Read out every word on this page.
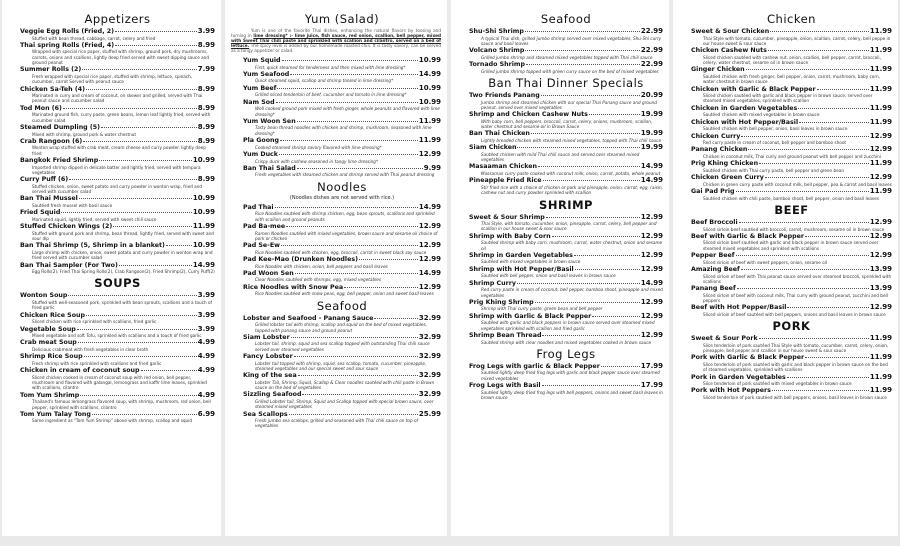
Appetizers
Veggie Egg Rolls (Fried, 2)	3.99
Stuffed with bean thread, cabbage, carrot, celery and fried
Thai spring Rolls (Fried, 4)	8.99
Wrapped with special rice paper, stuffed with shrimp, ground pork, dry mushrooms, carrots, onions and scallions, lightly deep fried served with sweet dipping sauce and ground peanut
Summer Rolls (2)	7.99
Fresh wrapped with special rice paper, stuffed with shrimp, lettuce, spinach, cucumber, carrot Served with peanut sauce
Chicken Sa-Teh (4)	8.99
Marinated in curry and cream of coconut, on skewer and grilled, served with Thai peanut sauce and cucumber salad
Tod Mon (6)	8.99
Marinated ground fish, curry paste, green beans, lemon leaf lightly fried, served with cucumber salad
Steamed Dumpling (5)	8.99
Mixed with shrimp, ground pork & water chestnut
Crab Rangoon (6)	8.99
Wonton wrap stuffed with crab meat, cream cheese and curry powder. lightly deep fried
Bangkok Fried Shrimp	10.99
Imported shrimp dipped in delicate batter and lightly fried, served with tempura vegetables
Curry Puff (6)	8.99
Stuffed chicken, onion, sweet potato and curry powder in wonton wrap, fried and served with cucumber salad
Ban Thai Mussel	10.99
Sautéed fresh mussel with basil sauce
Fried Squid	10.99
Marinated squid, lightly fried, served with sweet chili sauce
Stuffed Chicken Wings (2)	11.99
Stuffed with ground pork and shrimp, bean thread, lightly fried, served with sweet and sour dip
Ban Thai Shrimp (5, Shrimp in a blanket)	10.99
Large shrimp with chicken, onion, sweet potato and curry powder in wonton wrap and fried served with cucumber salad
Ban Thai Sampler (For Two)	14.99
Egg Rolls(2), Fried Thai Spring Rolls(2), Crab Rangoon(2), Fried Shrimp(2), Curry Puff(2)
SOUPS
Wonton Soup	3.99
Stuffed with well-seasoned pork, sprinkled with bean sprouts, scallions and a touch of fried garlic
Chicken Rice Soup	3.99
Sliced chicken with rice sprinkled with scallions, fried garlic
Vegetable Soup	3.99
Mixed vegetable and soft Tofu, sprinkled with scallions and a touch of fried garlic
Crab meat Soup	4.99
Delicious crabmeat with fresh vegetables in clear broth
Shrimp Rice Soup	4.99
Fresh shrimp with rice sprinkled with scallions and fried garlic
Chicken in cream of coconut soup	4.99
Sliced chicken cooked in cream of coconut soup with red onion, bell pepper, mushroom and flavored with galangal, lemongrass and kaffir lime leaves, sprinkled with scallions, cilantro
Tom Yum Shrimp	4.99
Thailand's famous lemongrass flavored soup, with shrimp, mushroom, red onion, bell pepper, sprinkled with scallions, cilantro
Tom Yum Talay Tong	6.99
Same ingredient as "Tom Yum Shrimp" above with shrimp, scallop and squid
Yum (Salad)
Yum is one of the favorite Thai dishes, enhancing the natural flavors by tossing and turning in lime dressing* :- lime juice, fish sauce, red onion, scallion, bell pepper, mixed with Sweet Thai chili paste and sprinkled with scallion and cilantro, served on a bed of lettuce. The spicy level is added by our homemade roasted chili. It is tasty savory, can be served as a tangy appetizer or salad.
Yum Squid	10.99
First, quick steamed for tenderness and then mixed with lime dressing*
Yum Seafood	14.99
Quick steamed squid, scallop and shrimp tossed in lime dressing*
Yum Beef	10.99
Grilled sliced tenderloin of beef, cucumber and tomato in lime dressing*
Nam Sod	10.99
Well cooked ground pork mixed with fresh ginger, whole peanuts and flavored with lime dressing*
Yum Woon Sen	11.99
Tasty bean thread noodles with chicken and shrimp, mushroom, seasoned with lime dressing*
Pla Goong	11.99
Cooked steamed shrimp savory flavored with lime dressing*
Yum Duck	12.99
Crispy duck with cashew seasoned in tangy lime dressing*
Ban Thai Salad	9.99
Fresh vegetables with steamed chicken and shrimp served with Thai peanut dressing
Noodles
(Noodles dishes are not served with rice.)
Pad Thai	14.99
Rice Noodles sautéed with shrimp chicken, egg, bean sprouts, scallions and sprinkled with scallion and ground peanuts
Pad Ba-mee	12.99
Ramen Noodles sautéed with mixed vegetables, brown sauce and sesame oil choice of pork or chicken
Pad Se-Ew	12.99
Rice Noodles sautéed with chicken, egg, broccoli, carrot in sweet black soy sauce
Pad Kee-Mao (Drunken Noodles)	12.99
Rice Noodles with chicken, onion, bell peppers and basil leaves
Pad Woon Sen	14.99
Clear Noodles sautéed with shrimps, egg, mixed vegetables
Rice Noodles with Snow Pea	12.99
Rice Noodles sautéed with snow peas, egg, bell pepper, onion and sweet basil leaves
Seafood
Lobster and Seafood - Panang Sauce	32.99
Grilled lobster tail with shrimp, scallop and squid on the bed of mixed vegetables, topped with panang sauce and ground peanut
Siam Lobster	32.99
Lobster tail, shrimp, squid and sea scallop topped with outstanding Thai chili sauce served over steamed vegetables
Fancy Lobster	32.99
Lobster tail topped with shrimp, squid, sea scallop, tomato, cucumber, pineapple, steamed vegetables and our special sweet and sour sauce
King of the sea	32.99
Lobster Tail, Shrimp, Squid, Scallop & Clear noodles sautéed with chili paste in Brown sauce on the bed of vegetables
Sizzling Seafood	32.99
Grilled Lobster tail, Shrimp, Squid and Scallop topped with special brown sauce, over steamed mixed vegetables
Sea Scallops	25.99
Fresh jumbo sea scallops, grilled and seasoned with Thai chili sauce on top of vegetables
Seafood
Shu-Shi Shrimp	22.99
A typical Thai dish, grilled jumbo shrimp served over mixed vegetables, Shu-Shi curry sauce and basil leaves
Volcano Shrimp	22.99
Grilled jumbo shrimp and steamed mixed vegetables topped with Thai chili sauce
Tornado Shrimp	22.99
Grilled jumbo shrimp topped with green curry sauce on the bed of mixed vegetables
Ban Thai Dinner Specials
Two Friends Panang	20.99
Jumbo shrimp and steamed chicken with our special Thai Panang sauce and ground peanut, served over mixed vegetables
Shrimp and Chicken Cashew Nuts	19.99
With baby corn, bell peppers, broccoli, carrot, celery, onions, mushroom, scallion, water chestnut and sesame oil in Brown Sauce
Ban Thai Chicken	19.99
Lightly breaded chicken with steamed mixed vegetables, topped with Thai chili sauce
Siam Chicken	19.99
Sautéed chicken with mild Thai chili sauce and served over steamed mixed vegetables
Masaaman Chicken	14.99
Massaman curry paste cooked with coconut milk, onion, carrot, potato, whole peanut
Pineapple Fried Rice	14.99
Stir fried rice with a choice of chicken or pork and pineapple, onion, carrot, egg, raisin, cashew nut and curry powder sprinkled with scallion
SHRIMP
Sweet & Sour Shrimp	12.99
Thai Style, with tomato, cucumber, onion, pineapple, carrot, celery, bell pepper and scallion in our house sweet & sour sauce
Shrimp with Baby Corn	12.99
Sautéed shrimp with baby corn, mushroom, carrot, water chestnut, onion and sesame oil
Shrimp in Garden Vegetables	12.99
Sautéed with mixed vegetables in brown sauce
Shrimp with Hot Pepper/Basil	12.99
Sautéed with bell pepper, onion and basil leaves in brown sauce
Shrimp Curry	14.99
Red curry paste in cream of coconut, bell pepper, bamboo shoot, pineapple and mixed vegetables
Prig Khing Shrimp	12.99
Shrimp with Thai curry paste, green bean and bell pepper
Shrimp with Garlic & Black Pepper	12.99
Sautéed with garlic and black peppers in brown sauce served over steamed mixed vegetables sprinkled with scallion and fried garlic
Shrimp Bean Thread	12.99
Sautéed shrimp with clear noodles and mixed vegetables cooked in brown sauce
Frog Legs
Frog Legs with garlic & Black Pepper	17.99
Sautéed lightly deep fried frog legs with garlic and black pepper sauce over steamed mixed vegetables
Frog Legs with Basil	17.99
Sautéed lightly deep fried frog legs with bell peppers, onions and sweet basil leaves in brown sauce
Chicken
Sweet & Sour Chicken	11.99
Thai Style with tomato, cucumber, pineapple, onion, scallion, carrot, celery, bell peppe in our house sweet & sour sauce
Chicken Cashew Nuts	11.99
Sliced chicken sautéed with cashew nut, onion, scallion, bell pepper, carrot, broccoli, celery, water chestnut, sesame oil in brown sauce
Ginger Chicken	11.99
Sautéed chicken with fresh ginger, bell pepper, onion, carrot, mushroom, baby corn, water chestnut in brown sauce
Chicken with Garlic & Black Pepper	11.99
Sliced chicken sautéed with garlic and black pepper in brown sauce, served over steamed mixed vegetables, sprinkled with scallion
Chicken in Garden Vegetables	11.99
Sautéed chicken with mixed vegetables in brown sauce
Chicken with Hot Pepper/Basil	11.99
Sautéed chicken with bell pepper, onion, basil leaves in brown sauce
Chicken Curry	12.99
Red curry paste in cream of coconut, bell pepper and bamboo shoot
Panang Chicken	12.99
Chicken in coconut milk, Thai curry and ground peanut with bell pepper and zucchini
Prig Khing Chicken	11.99
Sautéed chicken with Thai curry paste, bell pepper and green bean
Chicken Green Curry	12.99
Chicken in green curry paste with coconut milk, bell pepper, pea & carrot and basil leaves
Gai Pad Prig	11.99
Sautéed chicken with chili paste, bamboo shoot, bell pepper, onion and basil leaves
BEEF
Beef Broccoli	12.99
Sliced sirloin beef sautéed with broccoli, carrot, mushroom, sesame oil in brown sauce
Beef with Garlic & Black Pepper	12.99
Sliced sirloin beef sautéed with garlic and black pepper in brown sauce served over steamed mixed vegetables and sprinkled with scallions
Pepper Beef	12.99
Sliced sirloin of beef with sweet peppers, onion, sesame oil
Amazing Beef	13.99
Sliced sirloin of beef with Thai peanut sauce served over steamed broccoli, sprinkled with scallions
Panang Beef	13.99
Sliced sirloin of beef with coconut milk, Thai curry with ground peanut, zucchini and bell peppers
Beef with Hot Pepper/Basil	12.99
Sliced sirloin of beef sautéed with bell peppers, onions and basil leaves in brown sauce
PORK
Sweet & Sour Pork	11.99
Slice tenderloin of pork sautéed Thai Style with tomato, cucumber, carrot, celery, onion, pineapple, bell pepper and scallion in our house sweet & sour sauce
Pork with Garlic & Black Pepper	11.99
Slice tenderloin of pork sautéed with garlic and black pepper in brown sauce on the bed of steamed vegetables, sprinkled with scallions
Pork in Garden Vegetables	11.99
Slice tenderloin of pork sautéed with mixed vegetables in brown sauce
Pork with Hot Peppers	11.99
Sliced tenderloin of pork sautéed with bell peppers, onions, basil leaves in brown sauce
